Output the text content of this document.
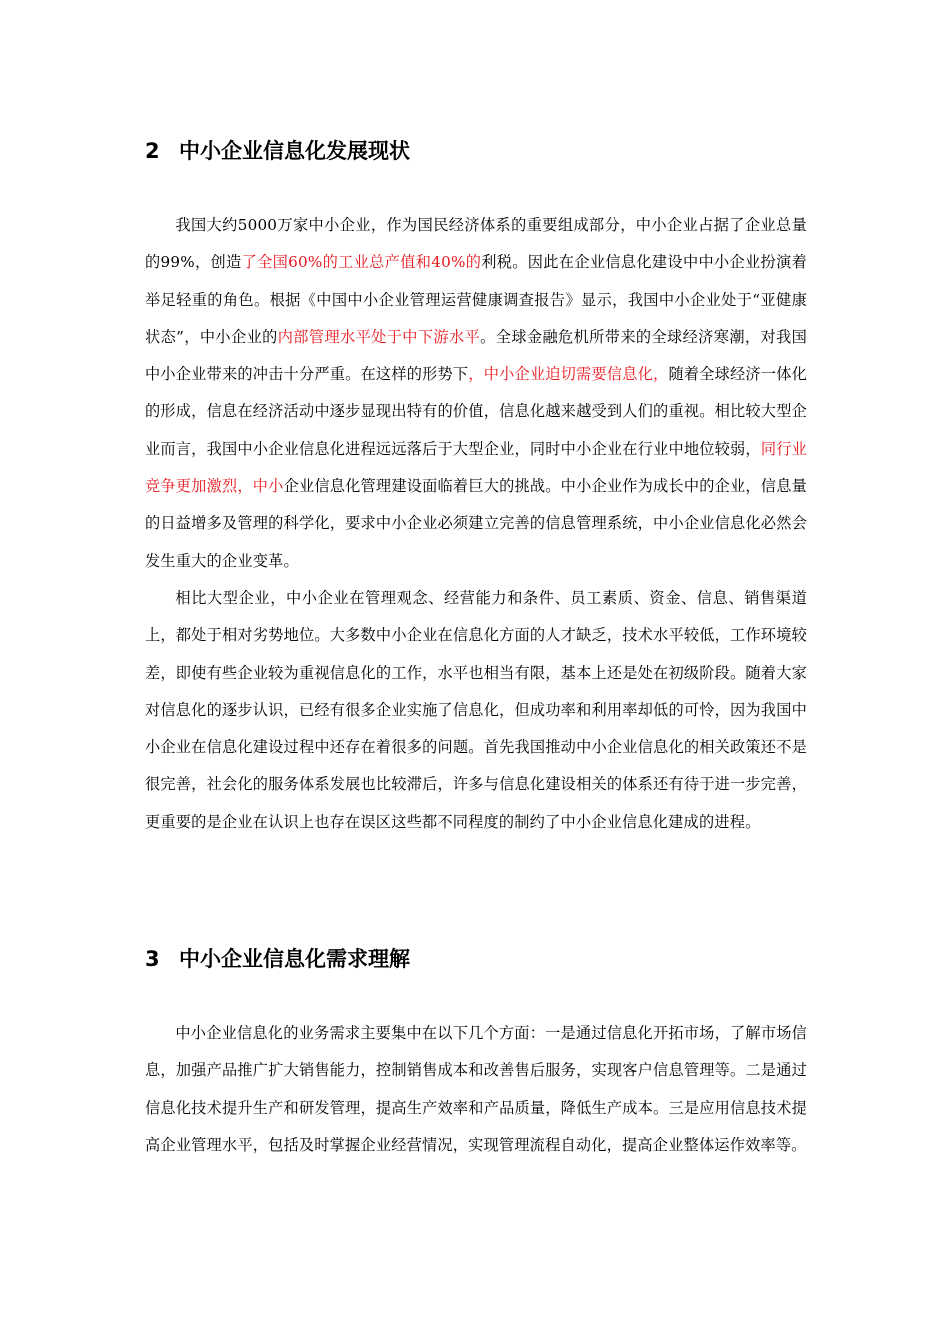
2 中小企业信息化发展现状

我国大约5000万家中小企业，作为国民经济体系的重要组成部分，中小企业占据了企业总量的99%，创造了全国60%的工业总产值和40%的利税。因此在企业信息化建设中中小企业扮演着举足轻重的角色。根据《中国中小企业管理运营健康调查报告》显示，我国中小企业处于“亚健康状态”，中小企业的内部管理水平处于中下游水平。全球金融危机所带来的全球经济寒潮，对我国中小企业带来的冲击十分严重。在这样的形势下，中小企业迫切需要信息化，随着全球经济一体化的形成，信息在经济活动中逐步显现出特有的价值，信息化越来越受到人们的重视。相比较大型企业而言，我国中小企业信息化进程远远落后于大型企业，同时中小企业在行业中地位较弱，同行业竞争更加激烈，中小企业信息化管理建设面临着巨大的挑战。中小企业作为成长中的企业，信息量的日益增多及管理的科学化，要求中小企业必须建立完善的信息管理系统，中小企业信息化必然会发生重大的企业变革。

相比大型企业，中小企业在管理观念、经营能力和条件、员工素质、资金、信息、销售渠道上，都处于相对劣势地位。大多数中小企业在信息化方面的人才缺乏，技术水平较低，工作环境较差，即使有些企业较为重视信息化的工作，水平也相当有限，基本上还是处在初级阶段。随着大家对信息化的逐步认识，已经有很多企业实施了信息化，但成功率和利用率却低的可怜，因为我国中小企业在信息化建设过程中还存在着很多的问题。首先我国推动中小企业信息化的相关政策还不是很完善，社会化的服务体系发展也比较滞后，许多与信息化建设相关的体系还有待于进一步完善，更重要的是企业在认识上也存在误区这些都不同程度的制约了中小企业信息化建成的进程。

3 中小企业信息化需求理解

中小企业信息化的业务需求主要集中在以下几个方面：一是通过信息化开拓市场，了解市场信息，加强产品推广扩大销售能力，控制销售成本和改善售后服务，实现客户信息管理等。二是通过信息化技术提升生产和研发管理，提高生产效率和产品质量，降低生产成本。三是应用信息技术提高企业管理水平，包括及时掌握企业经营情况，实现管理流程自动化，提高企业整体运作效率等。
